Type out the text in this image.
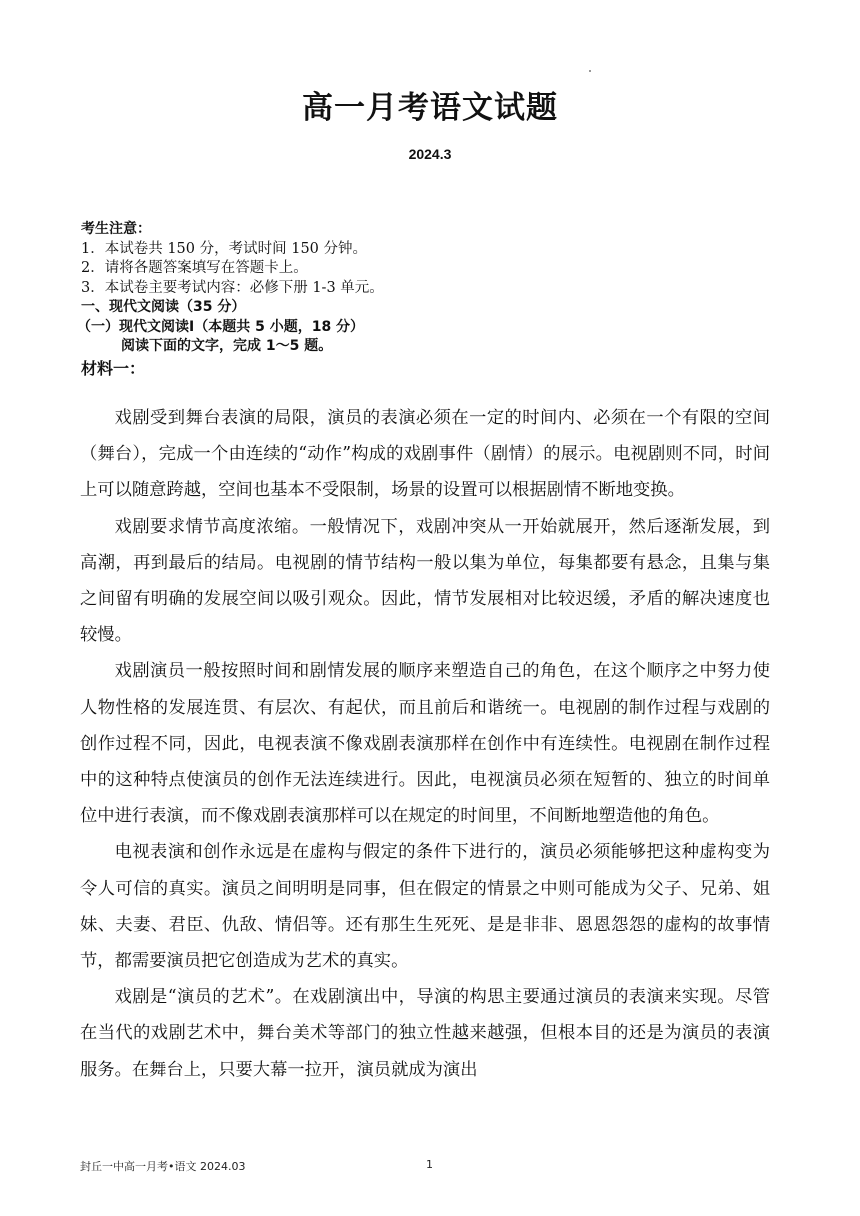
高一月考语文试题
2024.3
考生注意：
1．本试卷共 150 分，考试时间 150 分钟。
2．请将各题答案填写在答题卡上。
3．本试卷主要考试内容：必修下册 1-3 单元。
一、现代文阅读（35 分）
（一）现代文阅读Ⅰ（本题共 5 小题，18 分）
阅读下面的文字，完成 1～5 题。
材料一：

戏剧受到舞台表演的局限，演员的表演必须在一定的时间内、必须在一个有限的空间（舞台），完成一个由连续的“动作”构成的戏剧事件（剧情）的展示。电视剧则不同，时间上可以随意跨越，空间也基本不受限制，场景的设置可以根据剧情不断地变换。

戏剧要求情节高度浓缩。一般情况下，戏剧冲突从一开始就展开，然后逐渐发展，到高潮，再到最后的结局。电视剧的情节结构一般以集为单位，每集都要有悬念，且集与集之间留有明确的发展空间以吸引观众。因此，情节发展相对比较迟缓，矛盾的解决速度也较慢。

戏剧演员一般按照时间和剧情发展的顺序来塑造自己的角色，在这个顺序之中努力使人物性格的发展连贯、有层次、有起伏，而且前后和谐统一。电视剧的制作过程与戏剧的创作过程不同，因此，电视表演不像戏剧表演那样在创作中有连续性。电视剧在制作过程中的这种特点使演员的创作无法连续进行。因此，电视演员必须在短暂的、独立的时间单位中进行表演，而不像戏剧表演那样可以在规定的时间里，不间断地塑造他的角色。

电视表演和创作永远是在虚构与假定的条件下进行的，演员必须能够把这种虚构变为令人可信的真实。演员之间明明是同事，但在假定的情景之中则可能成为父子、兄弟、姐妹、夫妻、君臣、仇敌、情侣等。还有那生生死死、是是非非、恩恩怨怨的虚构的故事情节，都需要演员把它创造成为艺术的真实。

戏剧是“演员的艺术”。在戏剧演出中，导演的构思主要通过演员的表演来实现。尽管在当代的戏剧艺术中，舞台美术等部门的独立性越来越强，但根本目的还是为演员的表演服务。在舞台上，只要大幕一拉开，演员就成为演出

封丘一中高一月考•语文 2024.03	1
